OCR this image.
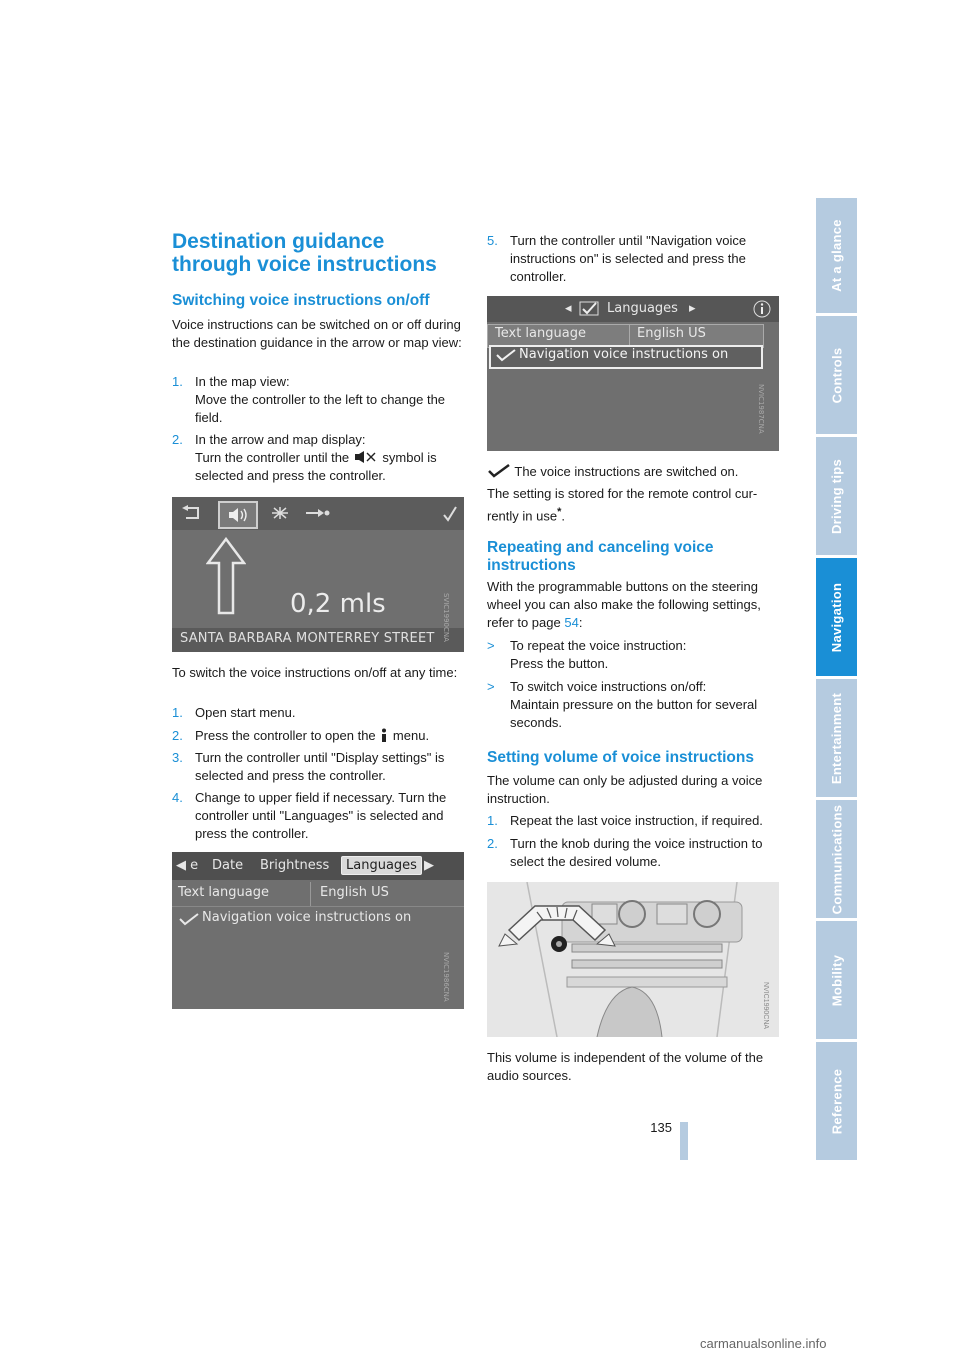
At a glance
Controls
Driving tips
Navigation
Entertainment
Communications
Mobility
Reference
Destination guidance through voice instructions
Switching voice instructions on/off
Voice instructions can be switched on or off during the destination guidance in the arrow or map view:
1. In the map view:
Move the controller to the left to change the field.
2. In the arrow and map display:
Turn the controller until the	symbol is selected and press the controller.
0,2 mls
SANTA BARBARA MONTERREY STREET SVIC1990CNA
To switch the voice instructions on/off at any time:
1. Open start menu.
2. Press the controller to open the menu.
3. Turn the controller until "Display settings" is selected and press the controller.
4. Change to upper field if necessary. Turn the controller until "Languages" is selected and press the controller.
◀ e Date Brightness	Languages ▶
Text language	English US
Navigation voice instructions on
NVIC1986CNA
5. Turn the controller until "Navigation voice instructions on" is selected and press the controller.
◂	Languages ▸
Text language	English US
Navigation voice instructions on
NVIC1987CNA
The voice instructions are switched on.
The setting is stored for the remote control cur-
rently in use*.
Repeating and canceling voice instructions
With the programmable buttons on the steering wheel you can also make the following settings, refer to page 54:
> To repeat the voice instruction:
Press the button.
> To switch voice instructions on/off:
Maintain pressure on the button for several seconds.
Setting volume of voice instructions
The volume can only be adjusted during a voice instruction.
1. Repeat the last voice instruction, if required.
2. Turn the knob during the voice instruction to select the desired volume.
NVIC1990CNA
This volume is independent of the volume of the audio sources.
135
carmanualsonline.info
